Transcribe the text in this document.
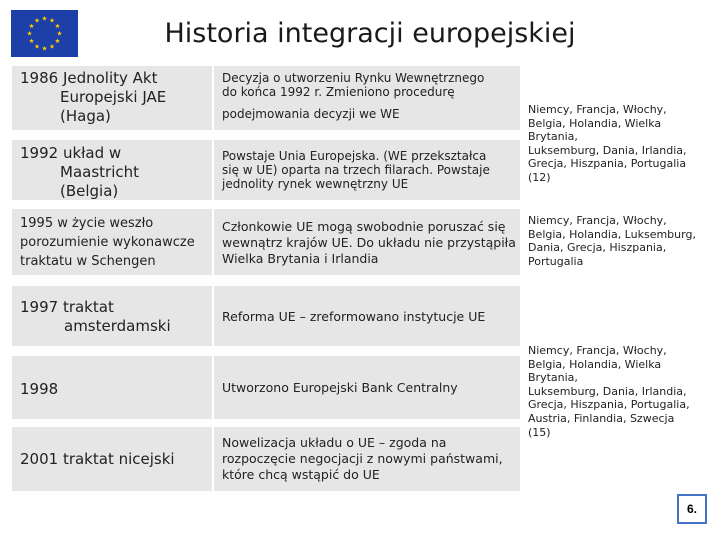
Historia integracji europejskiej
1986 Jednolity Akt
Europejski JAE
(Haga)
Decyzja o utworzeniu Rynku Wewnętrznego
do końca 1992 r. Zmieniono procedurę
podejmowania decyzji we WE
1992 układ w
Maastricht
(Belgia)
Powstaje Unia Europejska. (WE przekształca
się w UE) oparta na trzech filarach. Powstaje
jednolity rynek wewnętrzny UE
1995 w życie weszło
porozumienie wykonawcze
traktatu w Schengen
Członkowie UE mogą swobodnie poruszać się
wewnątrz krajów UE. Do układu nie przystąpiła
Wielka Brytania i Irlandia
1997 traktat
amsterdamski
Reforma UE – zreformowano instytucje UE
1998	Utworzono Europejski Bank Centralny
2001 traktat nicejski
Nowelizacja układu o UE – zgoda na
rozpoczęcie negocjacji z nowymi państwami,
które chcą wstąpić do UE
Niemcy, Francja, Włochy,
Belgia, Holandia, Wielka Brytania,
Luksemburg, Dania, Irlandia,
Grecja, Hiszpania, Portugalia
(12)
Niemcy, Francja, Włochy,
Belgia, Holandia, Luksemburg,
Dania, Grecja, Hiszpania,
Portugalia
Niemcy, Francja, Włochy,
Belgia, Holandia, Wielka Brytania,
Luksemburg, Dania, Irlandia,
Grecja, Hiszpania, Portugalia,
Austria, Finlandia, Szwecja
(15)
6.
